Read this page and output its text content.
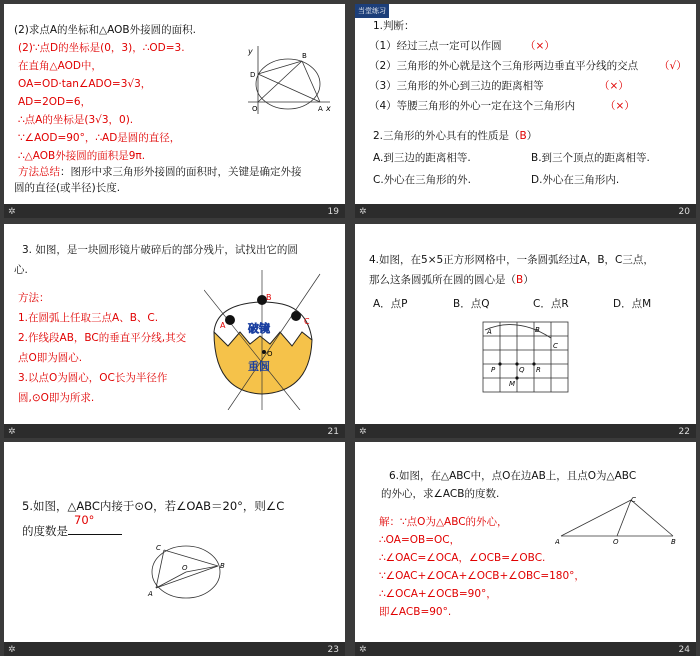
(2)求点A的坐标和△AOB外接圆的面积.
(2)∵点D的坐标是(0，3)，∴OD=3.
在直角△AOD中，
OA=OD·tan∠ADO=3√3，
AD=2OD=6，
∴点A的坐标是(3√3，0).
∵∠AOD=90°，∴AD是圆的直径，
∴△AOB外接圆的面积是9π.
方法总结：图形中求三角形外接圆的面积时，关键是确定外接
圆的直径(或半径)长度.
y
x
O	A
B
D
✲	19
当堂练习
1.判断：
（1）经过三点一定可以作圆 （×）
（2）三角形的外心就是这个三角形两边垂直平分线的交点 （√）
（3）三角形的外心到三边的距离相等	（×）
（4）等腰三角形的外心一定在这个三角形内	（×）
2.三角形的外心具有的性质是（B）
A.到三边的距离相等.	B.到三个顶点的距离相等.
C.外心在三角形的外.	D.外心在三角形内.
✲	20
3. 如图，是一块圆形镜片破碎后的部分残片，试找出它的圆
心.
方法：
1.在圆弧上任取三点A、B、C.
2.作线段AB，BC的垂直平分线,其交
点O即为圆心.
3.以点O为圆心，OC长为半径作
圆,⊙O即为所求.
破镜
重圆
A
B
C
O
✲	21
4.如图，在5×5正方形网格中，一条圆弧经过A，B，C三点，
那么这条圆弧所在圆的圆心是（B）
A．点P	B．点Q	C．点R	D．点M
A	B
C
P	Q R
M
✲	22
5.如图，△ABC内接于⊙O，若∠OAB＝20°，则∠C
的度数是
70°
A
B
C
O
✲	23
6.如图，在△ABC中，点O在边AB上，且点O为△ABC
的外心，求∠ACB的度数.
解：∵点O为△ABC的外心，
∴OA=OB=OC，
∴∠OAC=∠OCA，∠OCB=∠OBC.
∵∠OAC+∠OCA+∠OCB+∠OBC=180°，
∴∠OCA+∠OCB=90°，
即∠ACB=90°.
A	B
C
O
✲	24
